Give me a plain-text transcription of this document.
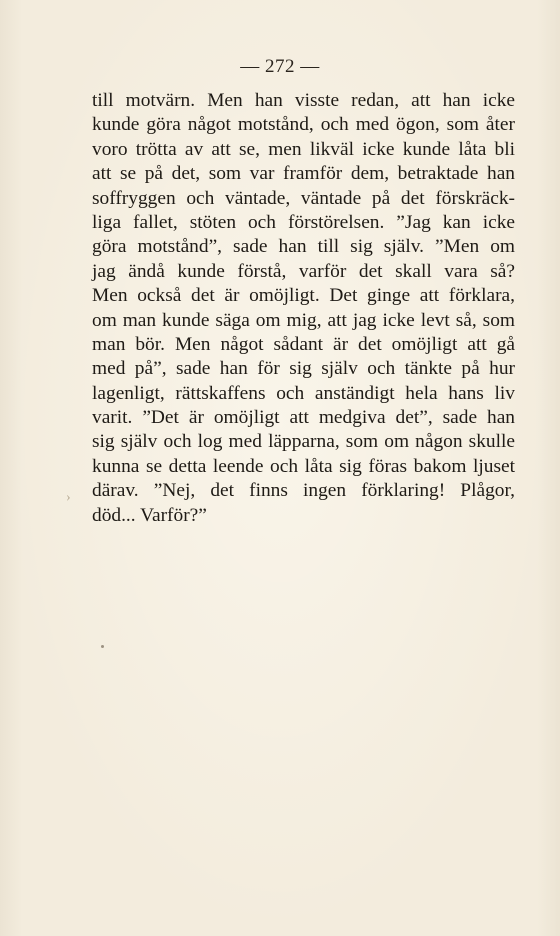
— 272 —
till motvärn. Men han visste redan, att han icke
kunde göra något motstånd, och med ögon, som åter
voro trötta av att se, men likväl icke kunde låta bli
att se på det, som var framför dem, betraktade han
soffryggen och väntade, väntade på det förskräck-
liga fallet, stöten och förstörelsen. ”Jag kan icke
göra motstånd”, sade han till sig själv. ”Men om
jag ändå kunde förstå, varför det skall vara så?
Men också det är omöjligt. Det ginge att förklara,
om man kunde säga om mig, att jag icke levt så, som
man bör. Men något sådant är det omöjligt att gå
med på”, sade han för sig själv och tänkte på hur
lagenligt, rättskaffens och anständigt hela hans liv
varit. ”Det är omöjligt att medgiva det”, sade han
sig själv och log med läpparna, som om någon skulle
kunna se detta leende och låta sig föras bakom ljuset
därav. ”Nej, det finns ingen förklaring! Plågor,
död... Varför?”
›
